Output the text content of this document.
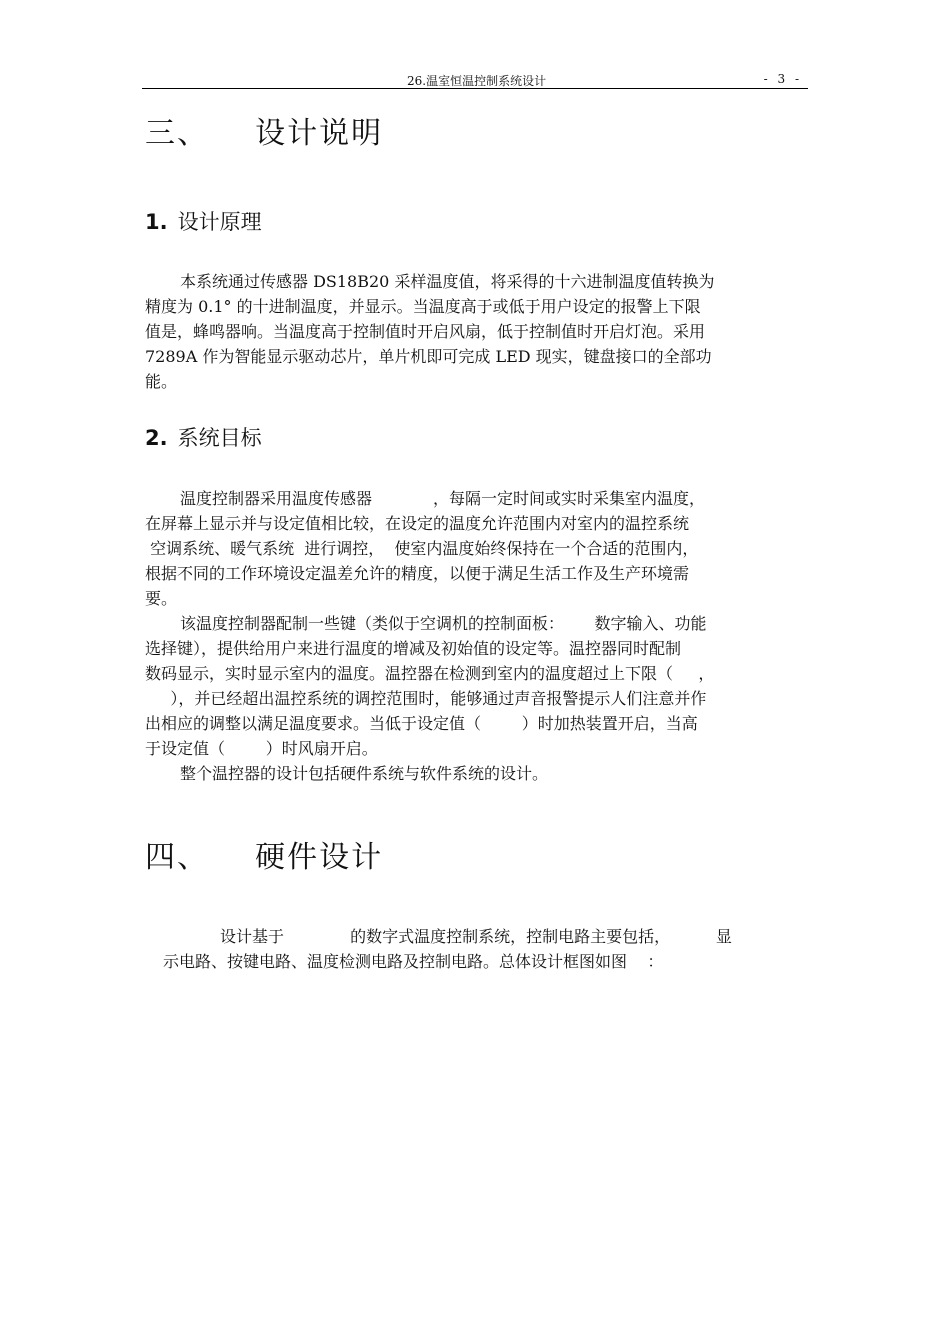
26.温室恒温控制系统设计	- 3 -
三、    设计说明
1. 设计原理
本系统通过传感器 DS18B20 采样温度值，将采得的十六进制温度值转换为
精度为 0.1° 的十进制温度，并显示。当温度高于或低于用户设定的报警上下限
值是，蜂鸣器响。当温度高于控制值时开启风扇，低于控制值时开启灯泡。采用
7289A 作为智能显示驱动芯片，单片机即可完成 LED 现实，键盘接口的全部功
能。
2. 系统目标
温度控制器采用温度传感器            ，每隔一定时间或实时采集室内温度，
在屏幕上显示并与设定值相比较，在设定的温度允许范围内对室内的温控系统
空调系统、暖气系统  进行调控，  使室内温度始终保持在一个合适的范围内，
根据不同的工作环境设定温差允许的精度，以便于满足生活工作及生产环境需
要。
该温度控制器配制一些键（类似于空调机的控制面板：      数字输入、功能
选择键），提供给用户来进行温度的增减及初始值的设定等。温控器同时配制
数码显示，实时显示室内的温度。温控器在检测到室内的温度超过上下限（     ，
），并已经超出温控系统的调控范围时，能够通过声音报警提示人们注意并作
出相应的调整以满足温度要求。当低于设定值（        ）时加热装置开启，当高
于设定值（        ）时风扇开启。
整个温控器的设计包括硬件系统与软件系统的设计。
四、    硬件设计
设计基于             的数字式温度控制系统，控制电路主要包括，         显
示电路、按键电路、温度检测电路及控制电路。总体设计框图如图    ：
